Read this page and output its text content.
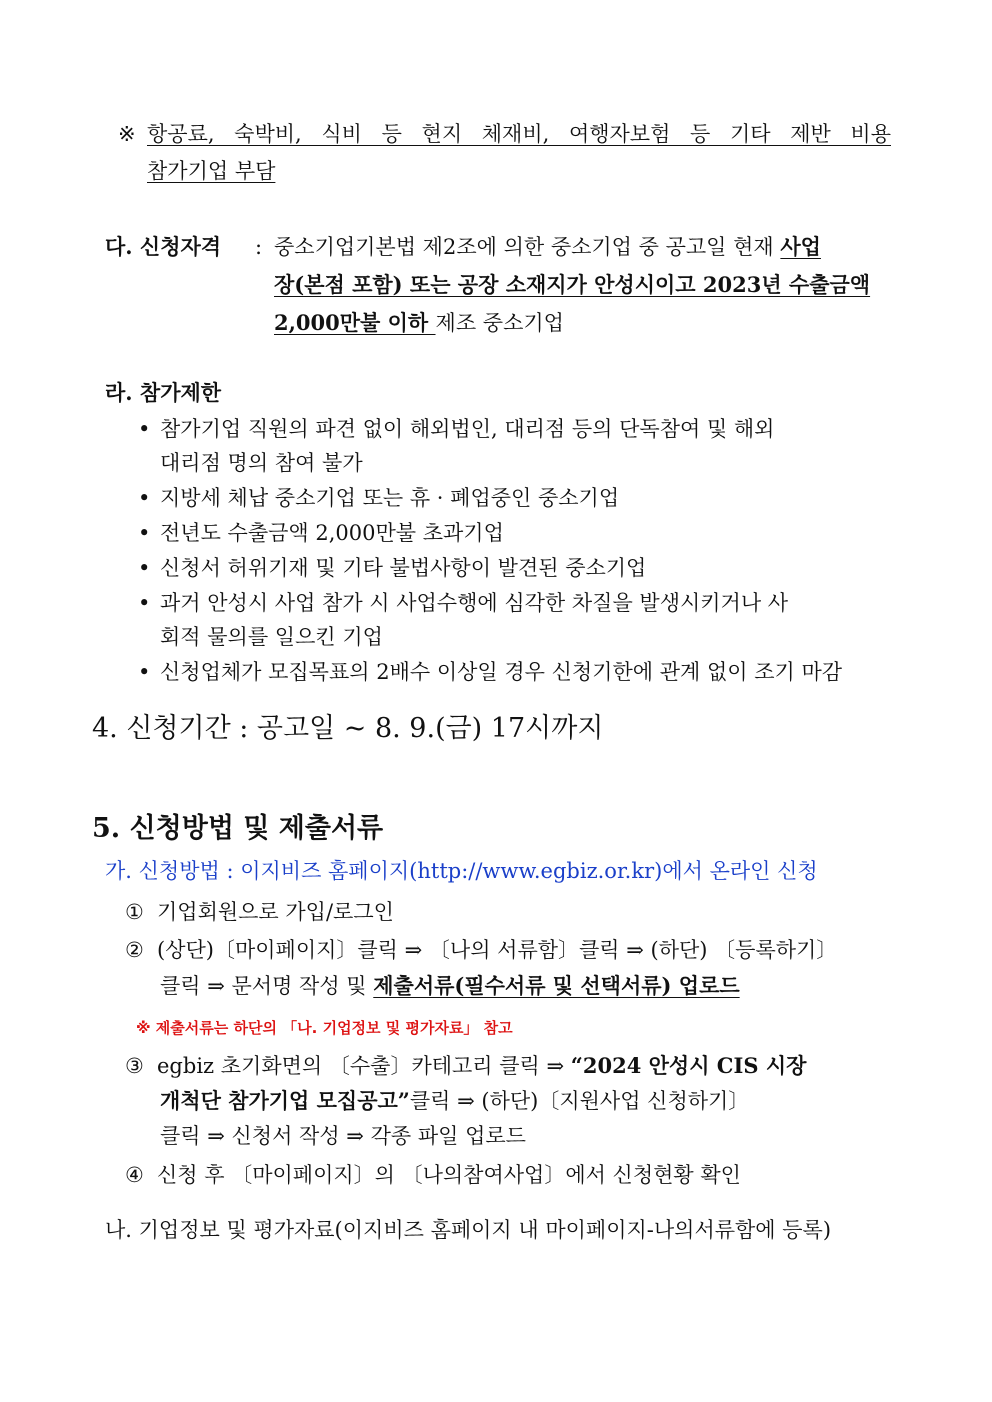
※ 항공료, 숙박비, 식비 등 현지 체재비, 여행자보험 등 기타 제반 비용
참가기업 부담
다. 신청자격 : 중소기업기본법 제2조에 의한 중소기업 중 공고일 현재 사업
장(본점 포함) 또는 공장 소재지가 안성시이고 2023년 수출금액
2,000만불 이하 제조 중소기업
라. 참가제한
• 참가기업 직원의 파견 없이 해외법인, 대리점 등의 단독참여 및 해외
대리점 명의 참여 불가
• 지방세 체납 중소기업 또는 휴 · 폐업중인 중소기업
• 전년도 수출금액 2,000만불 초과기업
• 신청서 허위기재 및 기타 불법사항이 발견된 중소기업
• 과거 안성시 사업 참가 시 사업수행에 심각한 차질을 발생시키거나 사
회적 물의를 일으킨 기업
• 신청업체가 모집목표의 2배수 이상일 경우 신청기한에 관계 없이 조기 마감
4. 신청기간 : 공고일 ~ 8. 9.(금) 17시까지
5. 신청방법 및 제출서류
가. 신청방법 : 이지비즈 홈페이지(http://www.egbiz.or.kr)에서 온라인 신청
① 기업회원으로 가입/로그인
② (상단)〔마이페이지〕클릭 ⇒ 〔나의 서류함〕클릭 ⇒ (하단) 〔등록하기〕
클릭 ⇒ 문서명 작성 및 제출서류(필수서류 및 선택서류) 업로드
※ 제출서류는 하단의 「나. 기업정보 및 평가자료」 참고
③ egbiz 초기화면의 〔수출〕카테고리 클릭 ⇒ “2024 안성시 CIS 시장
개척단 참가기업 모집공고”클릭 ⇒ (하단)〔지원사업 신청하기〕
클릭 ⇒ 신청서 작성 ⇒ 각종 파일 업로드
④ 신청 후 〔마이페이지〕의 〔나의참여사업〕에서 신청현황 확인
나. 기업정보 및 평가자료(이지비즈 홈페이지 내 마이페이지-나의서류함에 등록)
